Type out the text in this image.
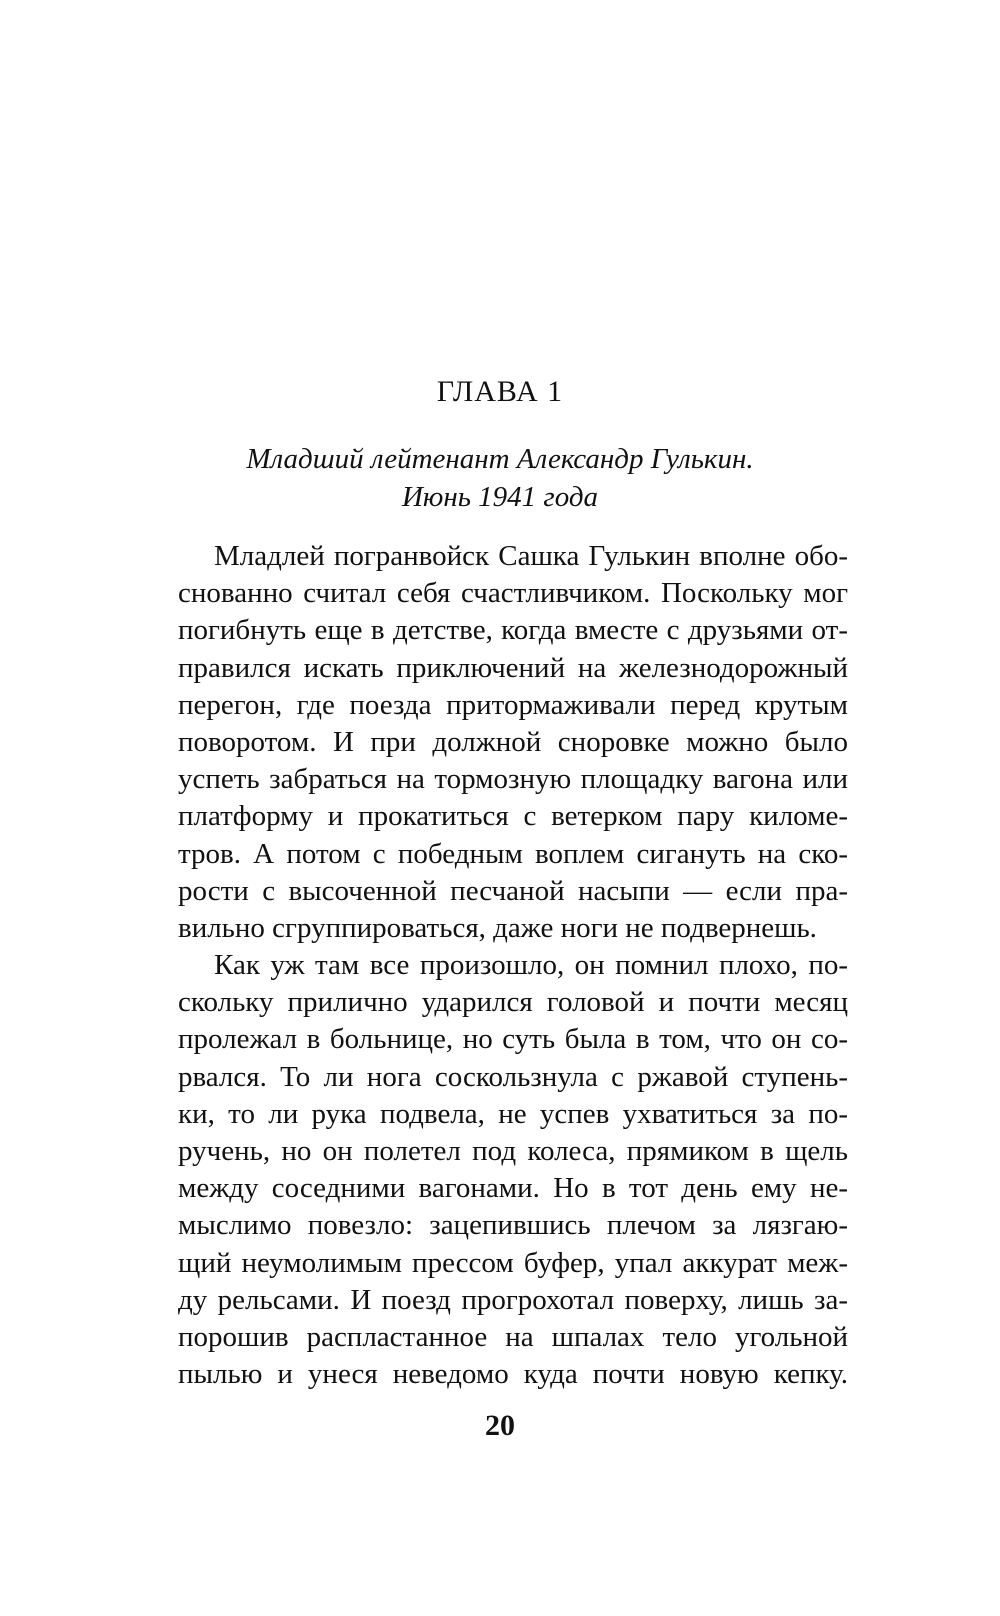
ГЛАВА 1
Младший лейтенант Александр Гулькин.
Июнь 1941 года
Младлей погранвойск Сашка Гулькин вполне обо-
снованно считал себя счастливчиком. Поскольку мог
погибнуть еще в детстве, когда вместе с друзьями от-
правился искать приключений на железнодорожный
перегон, где поезда притормаживали перед крутым
поворотом. И при должной сноровке можно было
успеть забраться на тормозную площадку вагона или
платформу и прокатиться с ветерком пару киломе-
тров. А потом с победным воплем сигануть на ско-
рости с высоченной песчаной насыпи — если пра-
вильно сгруппироваться, даже ноги не подвернешь.
Как уж там все произошло, он помнил плохо, по-
скольку прилично ударился головой и почти месяц
пролежал в больнице, но суть была в том, что он со-
рвался. То ли нога соскользнула с ржавой ступень-
ки, то ли рука подвела, не успев ухватиться за по-
ручень, но он полетел под колеса, прямиком в щель
между соседними вагонами. Но в тот день ему не-
мыслимо повезло: зацепившись плечом за лязгаю-
щий неумолимым прессом буфер, упал аккурат меж-
ду рельсами. И поезд прогрохотал поверху, лишь за-
порошив распластанное на шпалах тело угольной
пылью и унеся неведомо куда почти новую кепку.
20
